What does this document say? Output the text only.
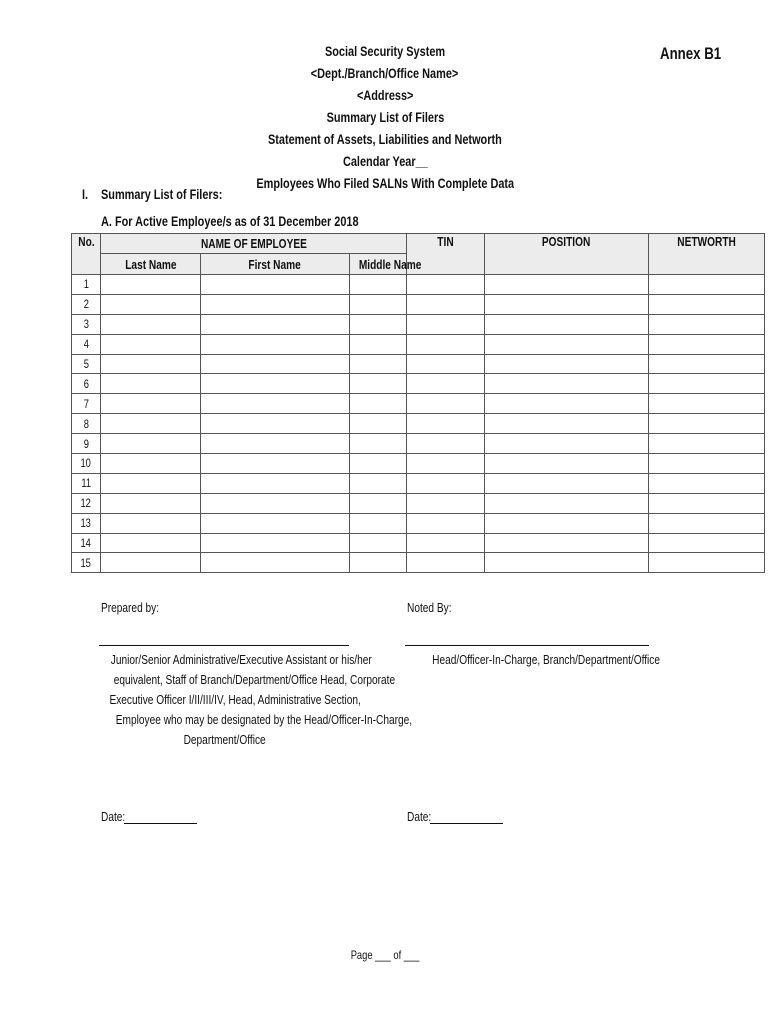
Annex B1
Social Security System
<Dept./Branch/Office Name>
<Address>
Summary List of Filers
Statement of Assets, Liabilities and Networth
Calendar Year__
Employees Who Filed SALNs With Complete Data
I. Summary List of Filers:
A. For Active Employee/s as of 31 December 2018
No.	NAME OF EMPLOYEE			TIN	POSITION	NETWORTH
	Last Name	First Name	Middle Name			
1						
2						
3						
4						
5						
6						
7						
8						
9						
10						
11						
12						
13						
14						
15						
Prepared by:	Noted By:
Junior/Senior Administrative/Executive Assistant or his/her
equivalent, Staff of Branch/Department/Office Head, Corporate
Executive Officer I/II/III/IV, Head, Administrative Section,
Employee who may be designated by the Head/Officer-In-Charge,
Department/Office
Head/Officer-In-Charge, Branch/Department/Office
Date:	Date:
Page ___ of ___
